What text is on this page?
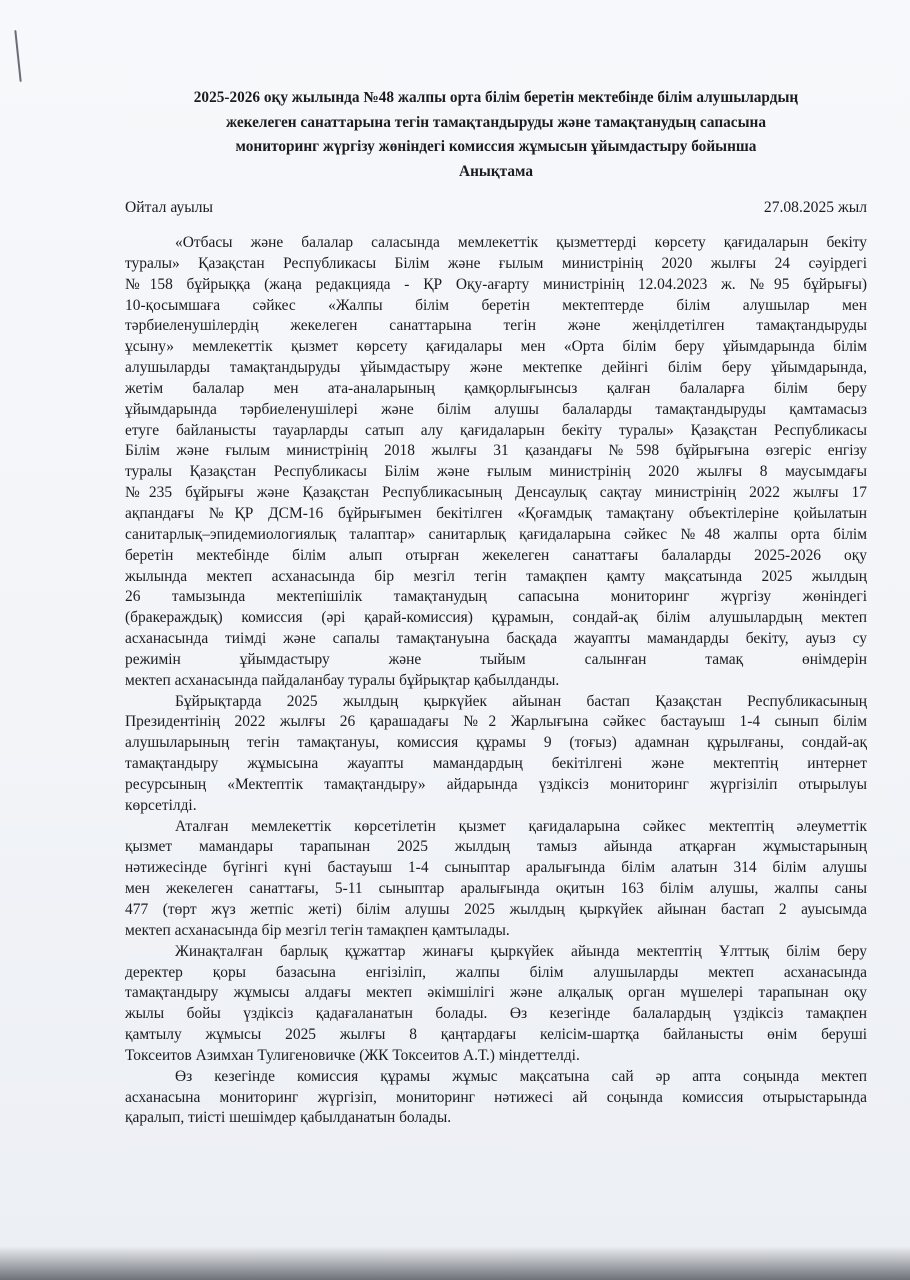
2025-2026 оқу жылында №48 жалпы орта білім беретін мектебінде білім алушылардың
жекелеген санаттарына тегін тамақтандыруды және тамақтанудың сапасына
мониторинг жүргізу жөніндегі комиссия жұмысын ұйымдастыру бойынша
Анықтама
Ойтал ауылы	27.08.2025 жыл
«Отбасы және балалар саласында мемлекеттік қызметтерді көрсету қағидаларын бекіту
туралы» Қазақстан Республикасы Білім және ғылым министрінің 2020 жылғы 24 сәуірдегі
№158 бұйрыққа (жаңа редакцияда - ҚР Оқу-ағарту министрінің 12.04.2023 ж. №95 бұйрығы)
10-қосымшаға сәйкес «Жалпы білім беретін мектептерде білім алушылар мен
тәрбиеленушілердің жекелеген санаттарына тегін және жеңілдетілген тамақтандыруды
ұсыну» мемлекеттік қызмет көрсету қағидалары мен «Орта білім беру ұйымдарында білім
алушыларды тамақтандыруды ұйымдастыру және мектепке дейінгі білім беру ұйымдарында,
жетім балалар мен ата-аналарының қамқорлығынсыз қалған балаларға білім беру
ұйымдарында тәрбиеленушілері және білім алушы балаларды тамақтандыруды қамтамасыз
етуге байланысты тауарларды сатып алу қағидаларын бекіту туралы» Қазақстан Республикасы
Білім және ғылым министрінің 2018 жылғы 31 қазандағы №598 бұйрығына өзгеріс енгізу
туралы Қазақстан Республикасы Білім және ғылым министрінің 2020 жылғы 8 маусымдағы
№235 бұйрығы және Қазақстан Республикасының Денсаулық сақтау министрінің 2022 жылғы 17
ақпандағы №ҚР ДСМ-16 бұйрығымен бекітілген «Қоғамдық тамақтану объектілеріне қойылатын
санитарлық‒эпидемиологиялық талаптар» санитарлық қағидаларына сәйкес №48 жалпы орта білім
беретін мектебінде білім алып отырған жекелеген санаттағы балаларды 2025-2026 оқу
жылында мектеп асханасында бір мезгіл тегін тамақпен қамту мақсатында 2025 жылдың
26 тамызында мектепішілік тамақтанудың сапасына мониторинг жүргізу жөніндегі
(бракераждық) комиссия (әрі қарай-комиссия) құрамын, сондай-ақ білім алушылардың мектеп
асханасында тиімді және сапалы тамақтануына басқада жауапты мамандарды бекіту, ауыз су
режимін ұйымдастыру және тыйым салынған тамақ өнімдерін
мектеп асханасында пайдаланбау туралы бұйрықтар қабылданды.
Бұйрықтарда 2025 жылдың қыркүйек айынан бастап Қазақстан Республикасының
Президентінің 2022 жылғы 26 қарашадағы №2 Жарлығына сәйкес бастауыш 1-4 сынып білім
алушыларының тегін тамақтануы, комиссия құрамы 9 (тоғыз) адамнан құрылғаны, сондай-ақ
тамақтандыру жұмысына жауапты мамандардың бекітілгені және мектептің интернет
ресурсының «Мектептік тамақтандыру» айдарында үздіксіз мониторинг жүргізіліп отырылуы
көрсетілді.
Аталған мемлекеттік көрсетілетін қызмет қағидаларына сәйкес мектептің әлеуметтік
қызмет мамандары тарапынан 2025 жылдың тамыз айында атқарған жұмыстарының
нәтижесінде бүгінгі күні бастауыш 1-4 сыныптар аралығында білім алатын 314 білім алушы
мен жекелеген санаттағы, 5-11 сыныптар аралығында оқитын 163 білім алушы, жалпы саны
477 (төрт жүз жетпіс жеті) білім алушы 2025 жылдың қыркүйек айынан бастап 2 ауысымда
мектеп асханасында бір мезгіл тегін тамақпен қамтылады.
Жинақталған барлық құжаттар жинағы қыркүйек айында мектептің Ұлттық білім беру
деректер қоры базасына енгізіліп, жалпы білім алушыларды мектеп асханасында
тамақтандыру жұмысы алдағы мектеп әкімшілігі және алқалық орган мүшелері тарапынан оқу
жылы бойы үздіксіз қадағаланатын болады. Өз кезегінде балалардың үздіксіз тамақпен
қамтылу жұмысы 2025 жылғы 8 қаңтардағы келісім-шартқа байланысты өнім беруші
Токсеитов Азимхан Тулигеновичке (ЖК Токсеитов А.Т.) міндеттелді.
Өз кезегінде комиссия құрамы жұмыс мақсатына сай әр апта соңында мектеп
асханасына мониторинг жүргізіп, мониторинг нәтижесі ай соңында комиссия отырыстарында
қаралып, тиісті шешімдер қабылданатын болады.
